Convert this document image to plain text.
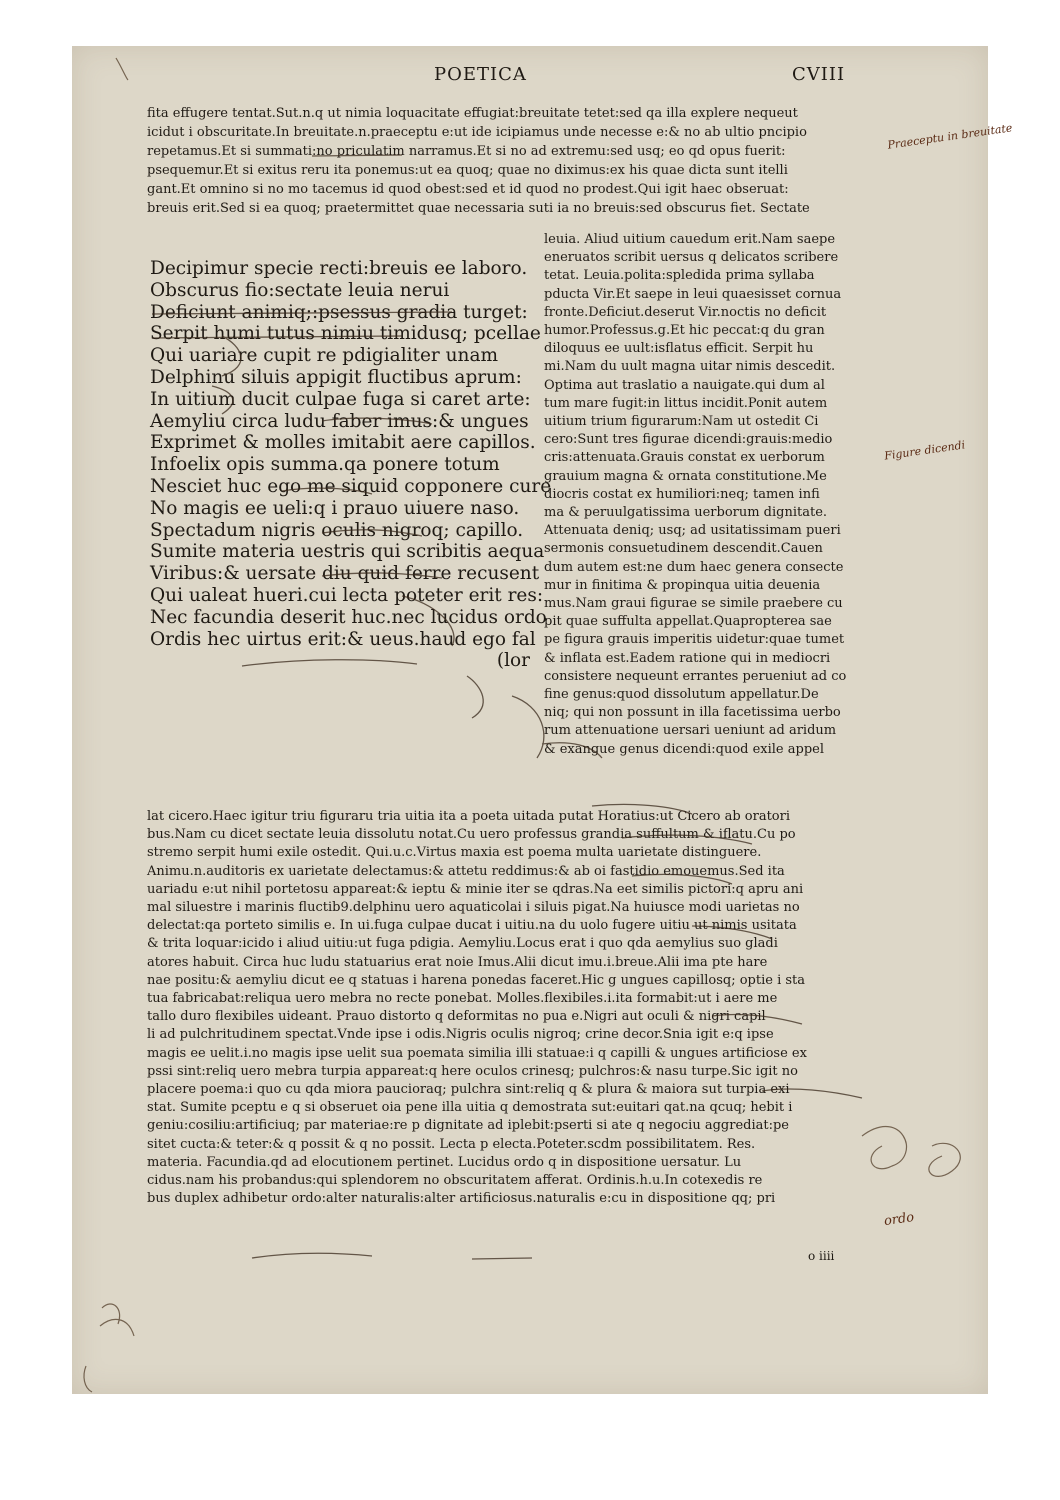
POETICA	CVIII

fita effugere tentat.Sut.n.q ut nimia loquacitate effugiat:breuitate tetet:sed qa illa explere nequeut

icidut i obscuritate.In breuitate.n.praeceptu e:ut ide icipiamus unde necesse e:& no ab ultio pncipio

repetamus.Et si summati:no priculatim narramus.Et si no ad extremu:sed usq; eo qd opus fuerit:

psequemur.Et si exitus reru ita ponemus:ut ea quoq; quae no diximus:ex his quae dicta sunt itelli

gant.Et omnino si no mo tacemus id quod obest:sed et id quod no prodest.Qui igit haec obseruat:

breuis erit.Sed si ea quoq; praetermittet quae necessaria suti ia no breuis:sed obscurus fiet. Sectate

Decipimur specie recti:breuis ee laboro.

Obscurus fio:sectate leuia nerui

Deficiunt animiq;:psessus gradia turget:

Serpit humi tutus nimiu timidusq; pcellae

Qui uariare cupit re pdigialiter unam

Delphinu siluis appigit fluctibus aprum:

In uitium ducit culpae fuga si caret arte:

Aemyliu circa ludu faber imus:& ungues

Exprimet & molles imitabit aere capillos.

Infoelix opis summa.qa ponere totum

Nesciet huc ego me siquid copponere cure

No magis ee ueli:q i prauo uiuere naso.

Spectadum nigris oculis nigroq; capillo.

Sumite materia uestris qui scribitis aequa

Viribus:& uersate diu quid ferre recusent

Qui ualeat hueri.cui lecta poteter erit res:

Nec facundia deserit huc.nec lucidus ordo

Ordis hec uirtus erit:& ueus.haud ego fal

(lor

leuia. Aliud uitium cauedum erit.Nam saepe

eneruatos scribit uersus q delicatos scribere

tetat. Leuia.polita:spledida prima syllaba

pducta Vir.Et saepe in leui quaesisset cornua

fronte.Deficiut.deserut Vir.noctis no deficit

humor.Professus.g.Et hic peccat:q du gran

diloquus ee uult:isflatus efficit. Serpit hu

mi.Nam du uult magna uitar nimis descedit.

Optima aut traslatio a nauigate.qui dum al

tum mare fugit:in littus incidit.Ponit autem

uitium trium figurarum:Nam ut ostedit Ci

cero:Sunt tres figurae dicendi:grauis:medio

cris:attenuata.Grauis constat ex uerborum

grauium magna & ornata constitutione.Me

diocris costat ex humiliori:neq; tamen infi

ma & peruulgatissima uerborum dignitate.

Attenuata deniq; usq; ad usitatissimam pueri

sermonis consuetudinem descendit.Cauen

dum autem est:ne dum haec genera consecte

mur in finitima & propinqua uitia deuenia

mus.Nam graui figurae se simile praebere cu

pit quae suffulta appellat.Quapropterea sae

pe figura grauis imperitis uidetur:quae tumet

& inflata est.Eadem ratione qui in mediocri

consistere nequeunt errantes perueniut ad co

fine genus:quod dissolutum appellatur.De

niq; qui non possunt in illa facetissima uerbo

rum attenuatione uersari ueniunt ad aridum

& exangue genus dicendi:quod exile appel

lat cicero.Haec igitur triu figuraru tria uitia ita a poeta uitada putat Horatius:ut Cicero ab oratori

bus.Nam cu dicet sectate leuia dissolutu notat.Cu uero professus grandia suffultum & iflatu.Cu po

stremo serpit humi exile ostedit. Qui.u.c.Virtus maxia est poema multa uarietate distinguere.

Animu.n.auditoris ex uarietate delectamus:& attetu reddimus:& ab oi fastidio emouemus.Sed ita

uariadu e:ut nihil portetosu appareat:& ieptu & minie iter se qdras.Na eet similis pictori:q apru ani

mal siluestre i marinis fluctib9.delphinu uero aquaticolai i siluis pigat.Na huiusce modi uarietas no

delectat:qa porteto similis e. In ui.fuga culpae ducat i uitiu.na du uolo fugere uitiu ut nimis usitata

& trita loquar:icido i aliud uitiu:ut fuga pdigia. Aemyliu.Locus erat i quo qda aemylius suo gladi

atores habuit. Circa huc ludu statuarius erat noie Imus.Alii dicut imu.i.breue.Alii ima pte hare

nae positu:& aemyliu dicut ee q statuas i harena ponedas faceret.Hic g ungues capillosq; optie i sta

tua fabricabat:reliqua uero mebra no recte ponebat. Molles.flexibiles.i.ita formabit:ut i aere me

tallo duro flexibiles uideant. Prauo distorto q deformitas no pua e.Nigri aut oculi & nigri capil

li ad pulchritudinem spectat.Vnde ipse i odis.Nigris oculis nigroq; crine decor.Snia igit e:q ipse

magis ee uelit.i.no magis ipse uelit sua poemata similia illi statuae:i q capilli & ungues artificiose ex

pssi sint:reliq uero mebra turpia appareat:q here oculos crinesq; pulchros:& nasu turpe.Sic igit no

placere poema:i quo cu qda miora paucioraq; pulchra sint:reliq q & plura & maiora sut turpia exi

stat. Sumite pceptu e q si obseruet oia pene illa uitia q demostrata sut:euitari qat.na qcuq; hebit i

geniu:cosiliu:artificiuq; par materiae:re p dignitate ad iplebit:pserti si ate q negociu aggrediat:pe

sitet cucta:& teter:& q possit & q no possit. Lecta p electa.Poteter.scdm possibilitatem. Res.

materia. Facundia.qd ad elocutionem pertinet. Lucidus ordo q in dispositione uersatur. Lu

cidus.nam his probandus:qui splendorem no obscuritatem afferat. Ordinis.h.u.In cotexedis re

bus duplex adhibetur ordo:alter naturalis:alter artificiosus.naturalis e:cu in dispositione qq; pri

o iiii
Praeceptu in breuitate
Figure dicendi
ordo
